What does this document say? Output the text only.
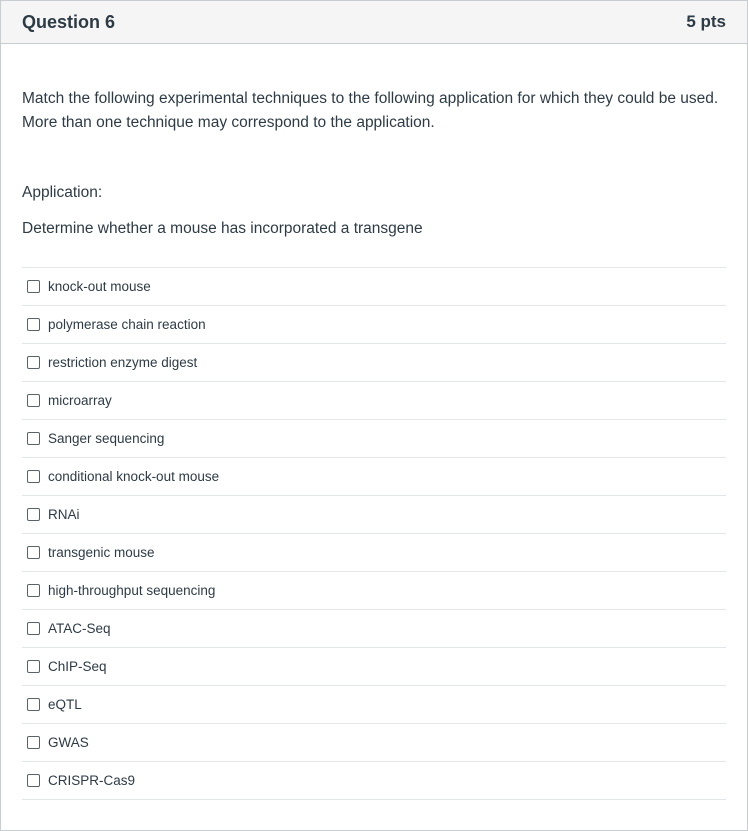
Question 6	5 pts
Match the following experimental techniques to the following application for which they could be used. More than one technique may correspond to the application.
Application:
Determine whether a mouse has incorporated a transgene
knock-out mouse
polymerase chain reaction
restriction enzyme digest
microarray
Sanger sequencing
conditional knock-out mouse
RNAi
transgenic mouse
high-throughput sequencing
ATAC-Seq
ChIP-Seq
eQTL
GWAS
CRISPR-Cas9
